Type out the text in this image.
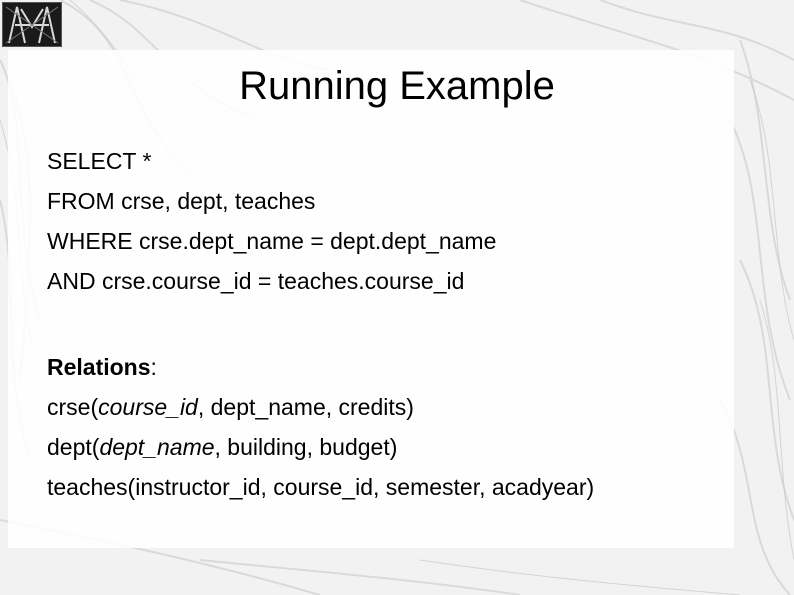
Running Example
SELECT *
FROM crse, dept, teaches
WHERE crse.dept_name = dept.dept_name
AND crse.course_id = teaches.course_id
Relations:
crse(course_id, dept_name, credits)
dept(dept_name, building, budget)
teaches(instructor_id, course_id, semester, acadyear)
